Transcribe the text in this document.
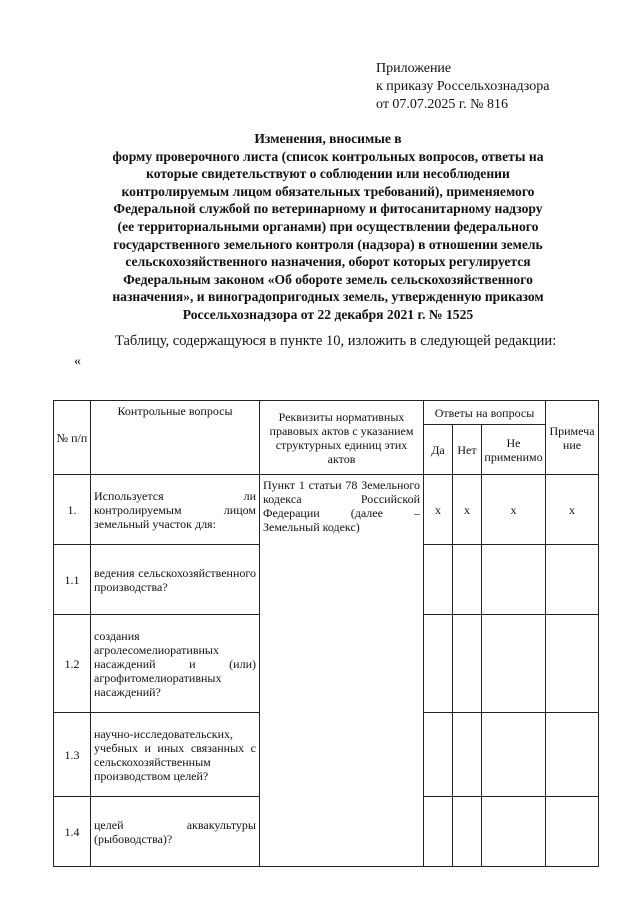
Приложение
к приказу Россельхознадзора
от 07.07.2025 г. № 816
Изменения, вносимые в
форму проверочного листа (список контрольных вопросов, ответы на
которые свидетельствуют о соблюдении или несоблюдении
контролируемым лицом обязательных требований), применяемого
Федеральной службой по ветеринарному и фитосанитарному надзору
(ее территориальными органами) при осуществлении федерального
государственного земельного контроля (надзора) в отношении земель
сельскохозяйственного назначения, оборот которых регулируется
Федеральным законом «Об обороте земель сельскохозяйственного
назначения», и виноградопригодных земель, утвержденную приказом
Россельхознадзора от 22 декабря 2021 г. № 1525
Таблицу, содержащуюся в пункте 10, изложить в следующей редакции:
«
№ п/п	Контрольные вопросы	Реквизиты нормативных правовых актов с указанием структурных единиц этих актов	Ответы на вопросы			Примечание
			Да	Нет	Не применимо	
1.	Используется ли контролируемым лицом земельный участок для:	Пункт 1 статьи 78 Земельного кодекса Российской Федерации (далее – Земельный кодекс)	x	x	x	x
1.1	ведения сельскохозяйственного производства?					
1.2	создания агролесомелиоративных насаждений и (или) агрофитомелиоративных насаждений?					
1.3	научно-исследовательских, учебных и иных связанных с сельскохозяйственным производством целей?					
1.4	целей аквакультуры (рыбоводства)?					
